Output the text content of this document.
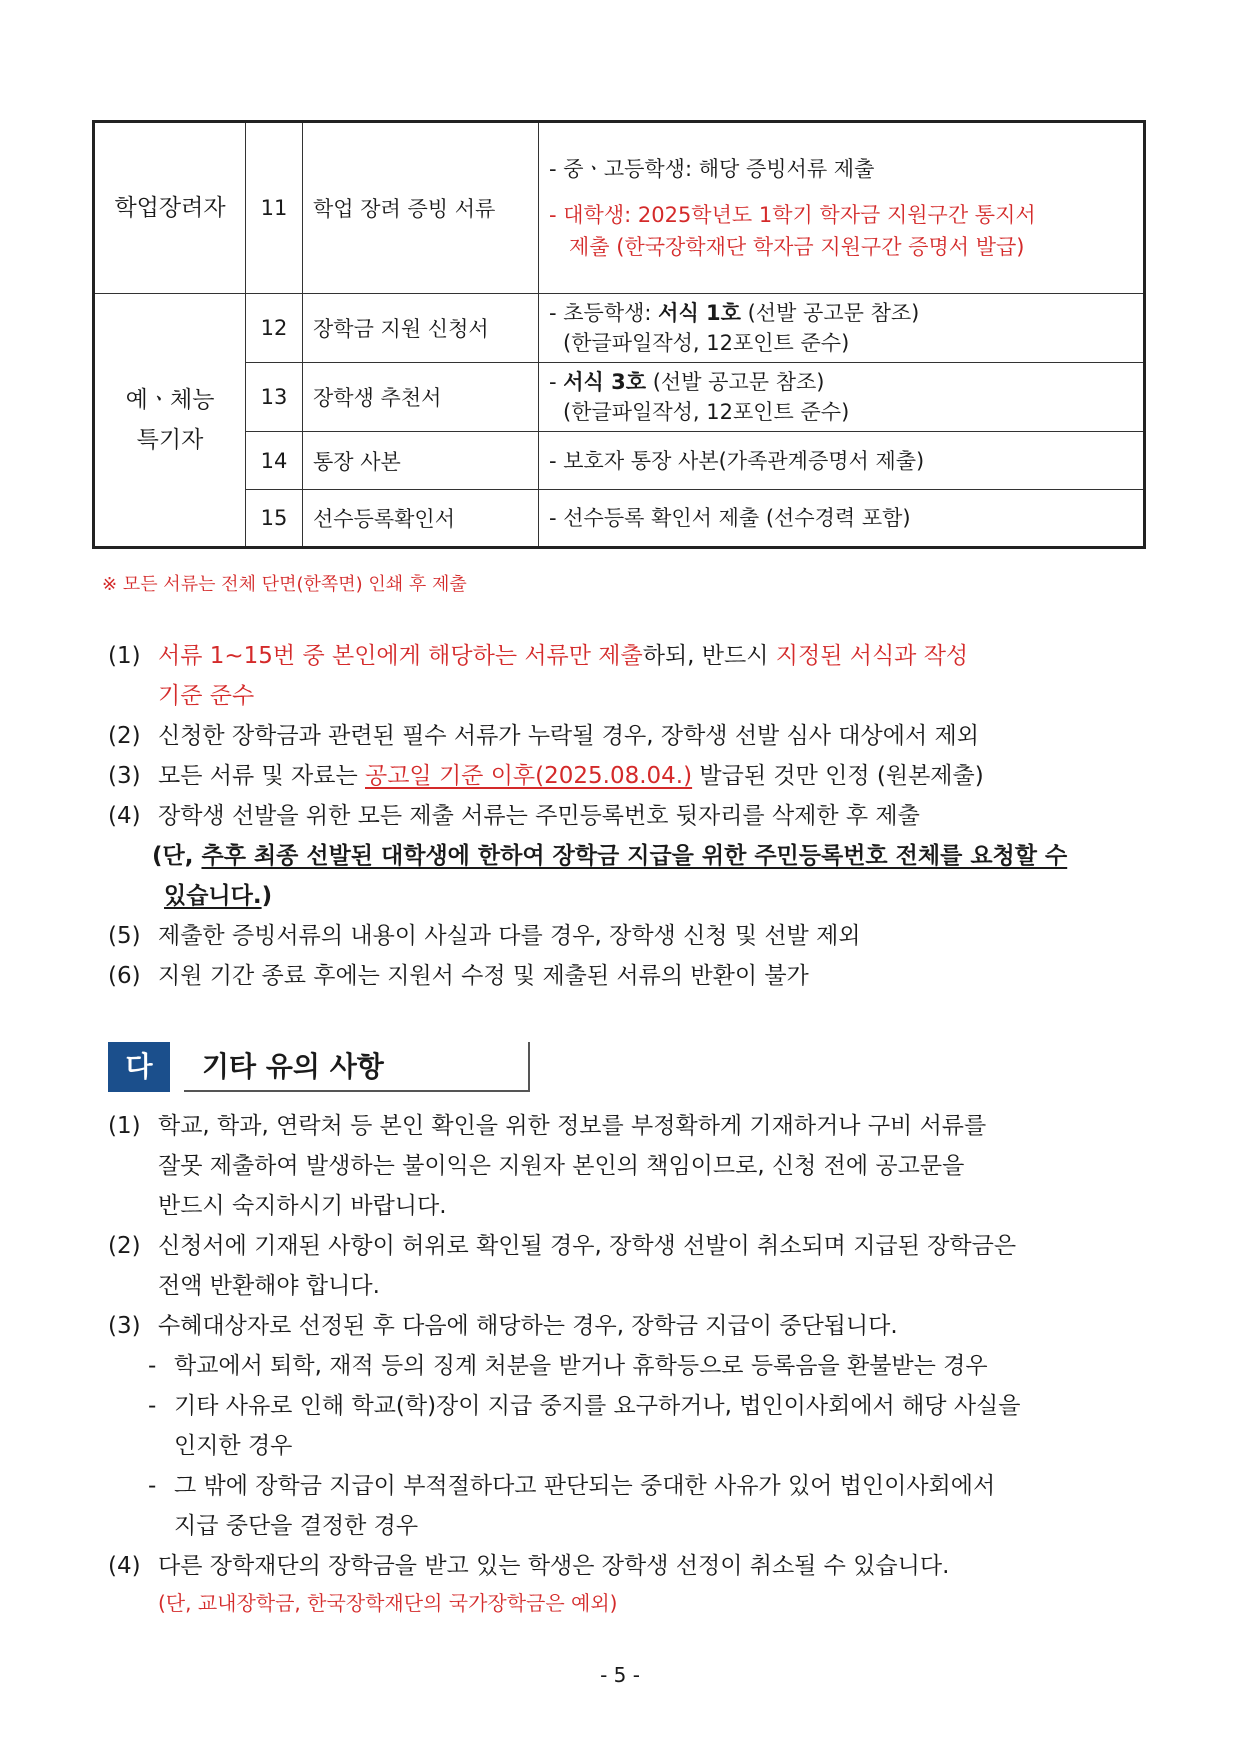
학업장려자	11	학업 장려 증빙 서류	- 중ㆍ고등학생: 해당 증빙서류 제출
- 대학생: 2025학년도 1학기 학자금 지원구간 통지서
제출 (한국장학재단 학자금 지원구간 증명서 발급)

예ㆍ체능
특기자	12	장학금 지원 신청서	- 초등학생: 서식 1호 (선발 공고문 참조)
(한글파일작성, 12포인트 준수)

	13	장학생 추천서	- 서식 3호 (선발 공고문 참조)
(한글파일작성, 12포인트 준수)

	14	통장 사본	- 보호자 통장 사본(가족관계증명서 제출)
	15	선수등록확인서	- 선수등록 확인서 제출 (선수경력 포함)
※ 모든 서류는 전체 단면(한쪽면) 인쇄 후 제출
(1) 서류 1~15번 중 본인에게 해당하는 서류만 제출하되, 반드시 지정된 서식과 작성
기준 준수
(2) 신청한 장학금과 관련된 필수 서류가 누락될 경우, 장학생 선발 심사 대상에서 제외
(3) 모든 서류 및 자료는 공고일 기준 이후(2025.08.04.) 발급된 것만 인정 (원본제출)
(4) 장학생 선발을 위한 모든 제출 서류는 주민등록번호 뒷자리를 삭제한 후 제출
(단, 추후 최종 선발된 대학생에 한하여 장학금 지급을 위한 주민등록번호 전체를 요청할 수
있습니다.)
(5) 제출한 증빙서류의 내용이 사실과 다를 경우, 장학생 신청 및 선발 제외
(6) 지원 기간 종료 후에는 지원서 수정 및 제출된 서류의 반환이 불가
다	기타 유의 사항
(1) 학교, 학과, 연락처 등 본인 확인을 위한 정보를 부정확하게 기재하거나 구비 서류를
잘못 제출하여 발생하는 불이익은 지원자 본인의 책임이므로, 신청 전에 공고문을
반드시 숙지하시기 바랍니다.
(2) 신청서에 기재된 사항이 허위로 확인될 경우, 장학생 선발이 취소되며 지급된 장학금은
전액 반환해야 합니다.
(3) 수혜대상자로 선정된 후 다음에 해당하는 경우, 장학금 지급이 중단됩니다.
- 학교에서 퇴학, 재적 등의 징계 처분을 받거나 휴학등으로 등록음을 환불받는 경우
- 기타 사유로 인해 학교(학)장이 지급 중지를 요구하거나, 법인이사회에서 해당 사실을
인지한 경우
- 그 밖에 장학금 지급이 부적절하다고 판단되는 중대한 사유가 있어 법인이사회에서
지급 중단을 결정한 경우
(4) 다른 장학재단의 장학금을 받고 있는 학생은 장학생 선정이 취소될 수 있습니다.
(단, 교내장학금, 한국장학재단의 국가장학금은 예외)
- 5 -
